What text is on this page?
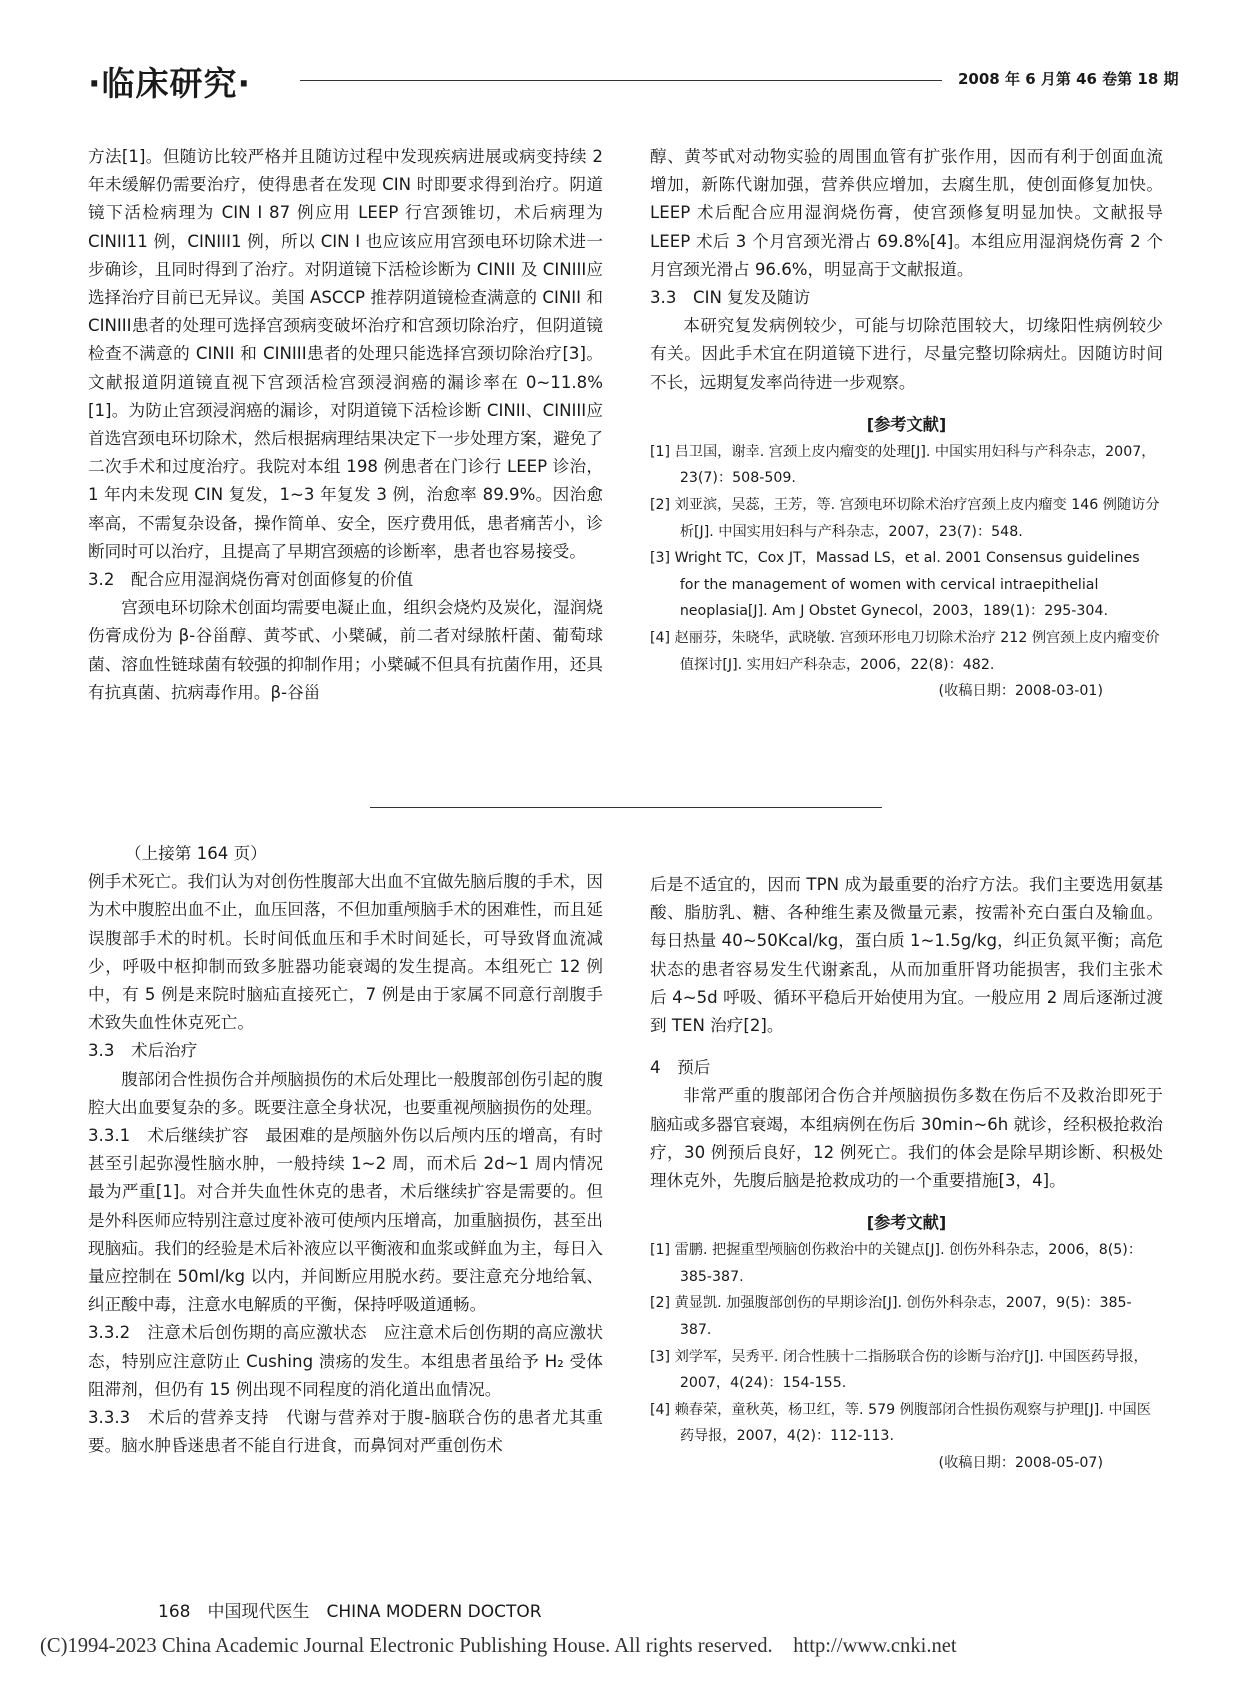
·临床研究·	2008 年 6 月第 46 卷第 18 期

方法[1]。但随访比较严格并且随访过程中发现疾病进展或病变持续 2 年未缓解仍需要治疗，使得患者在发现 CIN 时即要求得到治疗。阴道镜下活检病理为 CIN I 87 例应用 LEEP 行宫颈锥切，术后病理为 CINII11 例，CINIII1 例，所以 CIN I 也应该应用宫颈电环切除术进一步确诊，且同时得到了治疗。对阴道镜下活检诊断为 CINII 及 CINIII应选择治疗目前已无异议。美国 ASCCP 推荐阴道镜检查满意的 CINII 和 CINIII患者的处理可选择宫颈病变破坏治疗和宫颈切除治疗，但阴道镜检查不满意的 CINII 和 CINIII患者的处理只能选择宫颈切除治疗[3]。文献报道阴道镜直视下宫颈活检宫颈浸润癌的漏诊率在 0~11.8%[1]。为防止宫颈浸润癌的漏诊，对阴道镜下活检诊断 CINII、CINIII应首选宫颈电环切除术，然后根据病理结果决定下一步处理方案，避免了二次手术和过度治疗。我院对本组 198 例患者在门诊行 LEEP 诊治，1 年内未发现 CIN 复发，1~3 年复发 3 例，治愈率 89.9%。因治愈率高，不需复杂设备，操作简单、安全，医疗费用低，患者痛苦小，诊断同时可以治疗，且提高了早期宫颈癌的诊断率，患者也容易接受。

3.2　配合应用湿润烧伤膏对创面修复的价值

宫颈电环切除术创面均需要电凝止血，组织会烧灼及炭化，湿润烧伤膏成份为 β-谷甾醇、黄芩甙、小檗碱，前二者对绿脓杆菌、葡萄球菌、溶血性链球菌有较强的抑制作用；小檗碱不但具有抗菌作用，还具有抗真菌、抗病毒作用。β-谷甾

醇、黄芩甙对动物实验的周围血管有扩张作用，因而有利于创面血流增加，新陈代谢加强，营养供应增加，去腐生肌，使创面修复加快。LEEP 术后配合应用湿润烧伤膏，使宫颈修复明显加快。文献报导 LEEP 术后 3 个月宫颈光滑占 69.8%[4]。本组应用湿润烧伤膏 2 个月宫颈光滑占 96.6%，明显高于文献报道。

3.3　CIN 复发及随访

本研究复发病例较少，可能与切除范围较大，切缘阳性病例较少有关。因此手术宜在阴道镜下进行，尽量完整切除病灶。因随访时间不长，远期复发率尚待进一步观察。

[参考文献]

[1] 吕卫国，谢幸. 宫颈上皮内瘤变的处理[J]. 中国实用妇科与产科杂志，2007，23(7)：508-509.

[2] 刘亚滨，吴蕊，王芳，等. 宫颈电环切除术治疗宫颈上皮内瘤变 146 例随访分析[J]. 中国实用妇科与产科杂志，2007，23(7)：548.

[3] Wright TC，Cox JT，Massad LS，et al. 2001 Consensus guidelines for the management of women with cervical intraepithelial neoplasia[J]. Am J Obstet Gynecol，2003，189(1)：295-304.

[4] 赵丽芬，朱晓华，武晓敏. 宫颈环形电刀切除术治疗 212 例宫颈上皮内瘤变价值探讨[J]. 实用妇产科杂志，2006，22(8)：482.

(收稿日期：2008-03-01)

（上接第 164 页）

例手术死亡。我们认为对创伤性腹部大出血不宜做先脑后腹的手术，因为术中腹腔出血不止，血压回落，不但加重颅脑手术的困难性，而且延误腹部手术的时机。长时间低血压和手术时间延长，可导致肾血流减少，呼吸中枢抑制而致多脏器功能衰竭的发生提高。本组死亡 12 例中，有 5 例是来院时脑疝直接死亡，7 例是由于家属不同意行剖腹手术致失血性休克死亡。

3.3　术后治疗

腹部闭合性损伤合并颅脑损伤的术后处理比一般腹部创伤引起的腹腔大出血要复杂的多。既要注意全身状况，也要重视颅脑损伤的处理。

3.3.1　术后继续扩容　最困难的是颅脑外伤以后颅内压的增高，有时甚至引起弥漫性脑水肿，一般持续 1~2 周，而术后 2d~1 周内情况最为严重[1]。对合并失血性休克的患者，术后继续扩容是需要的。但是外科医师应特别注意过度补液可使颅内压增高，加重脑损伤，甚至出现脑疝。我们的经验是术后补液应以平衡液和血浆或鲜血为主，每日入量应控制在 50ml/kg 以内，并间断应用脱水药。要注意充分地给氧、纠正酸中毒，注意水电解质的平衡，保持呼吸道通畅。

3.3.2　注意术后创伤期的高应激状态　应注意术后创伤期的高应激状态，特别应注意防止 Cushing 溃疡的发生。本组患者虽给予 H₂ 受体阻滞剂，但仍有 15 例出现不同程度的消化道出血情况。

3.3.3　术后的营养支持　代谢与营养对于腹-脑联合伤的患者尤其重要。脑水肿昏迷患者不能自行进食，而鼻饲对严重创伤术

后是不适宜的，因而 TPN 成为最重要的治疗方法。我们主要选用氨基酸、脂肪乳、糖、各种维生素及微量元素，按需补充白蛋白及输血。每日热量 40~50Kcal/kg，蛋白质 1~1.5g/kg，纠正负氮平衡；高危状态的患者容易发生代谢紊乱，从而加重肝肾功能损害，我们主张术后 4~5d 呼吸、循环平稳后开始使用为宜。一般应用 2 周后逐渐过渡到 TEN 治疗[2]。

4　预后

非常严重的腹部闭合伤合并颅脑损伤多数在伤后不及救治即死于脑疝或多器官衰竭，本组病例在伤后 30min~6h 就诊，经积极抢救治疗，30 例预后良好，12 例死亡。我们的体会是除早期诊断、积极处理休克外，先腹后脑是抢救成功的一个重要措施[3，4]。

[参考文献]

[1] 雷鹏. 把握重型颅脑创伤救治中的关键点[J]. 创伤外科杂志，2006，8(5)：385-387.

[2] 黄显凯. 加强腹部创伤的早期诊治[J]. 创伤外科杂志，2007，9(5)：385-387.

[3] 刘学军，吴秀平. 闭合性胰十二指肠联合伤的诊断与治疗[J]. 中国医药导报，2007，4(24)：154-155.

[4] 赖春荣，童秋英，杨卫红，等. 579 例腹部闭合性损伤观察与护理[J]. 中国医药导报，2007，4(2)：112-113.

(收稿日期：2008-05-07)

168　中国现代医生　CHINA MODERN DOCTOR
(C)1994-2023 China Academic Journal Electronic Publishing House. All rights reserved.　http://www.cnki.net
